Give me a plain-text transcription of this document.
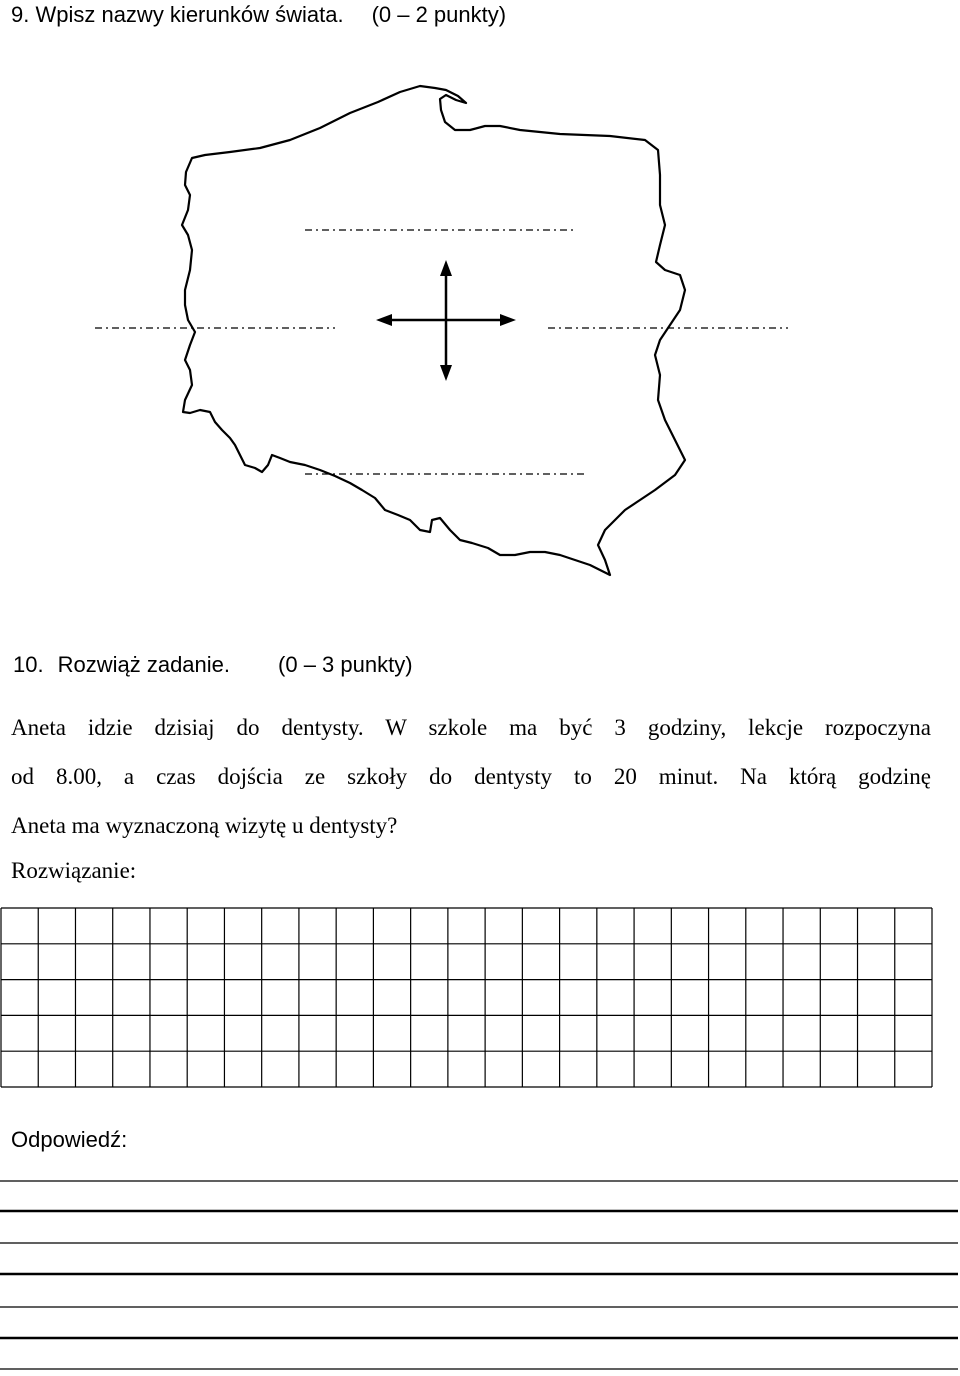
9. Wpisz nazwy kierunków świata. (0 – 2 punkty)
10. Rozwiąż zadanie. (0 – 3 punkty)
Aneta idzie dzisiaj do dentysty. W szkole ma być 3 godziny, lekcje rozpoczyna
od 8.00, a czas dojścia ze szkoły do dentysty to 20 minut. Na którą godzinę
Aneta ma wyznaczoną wizytę u dentysty?
Rozwiązanie:
Odpowiedź:
